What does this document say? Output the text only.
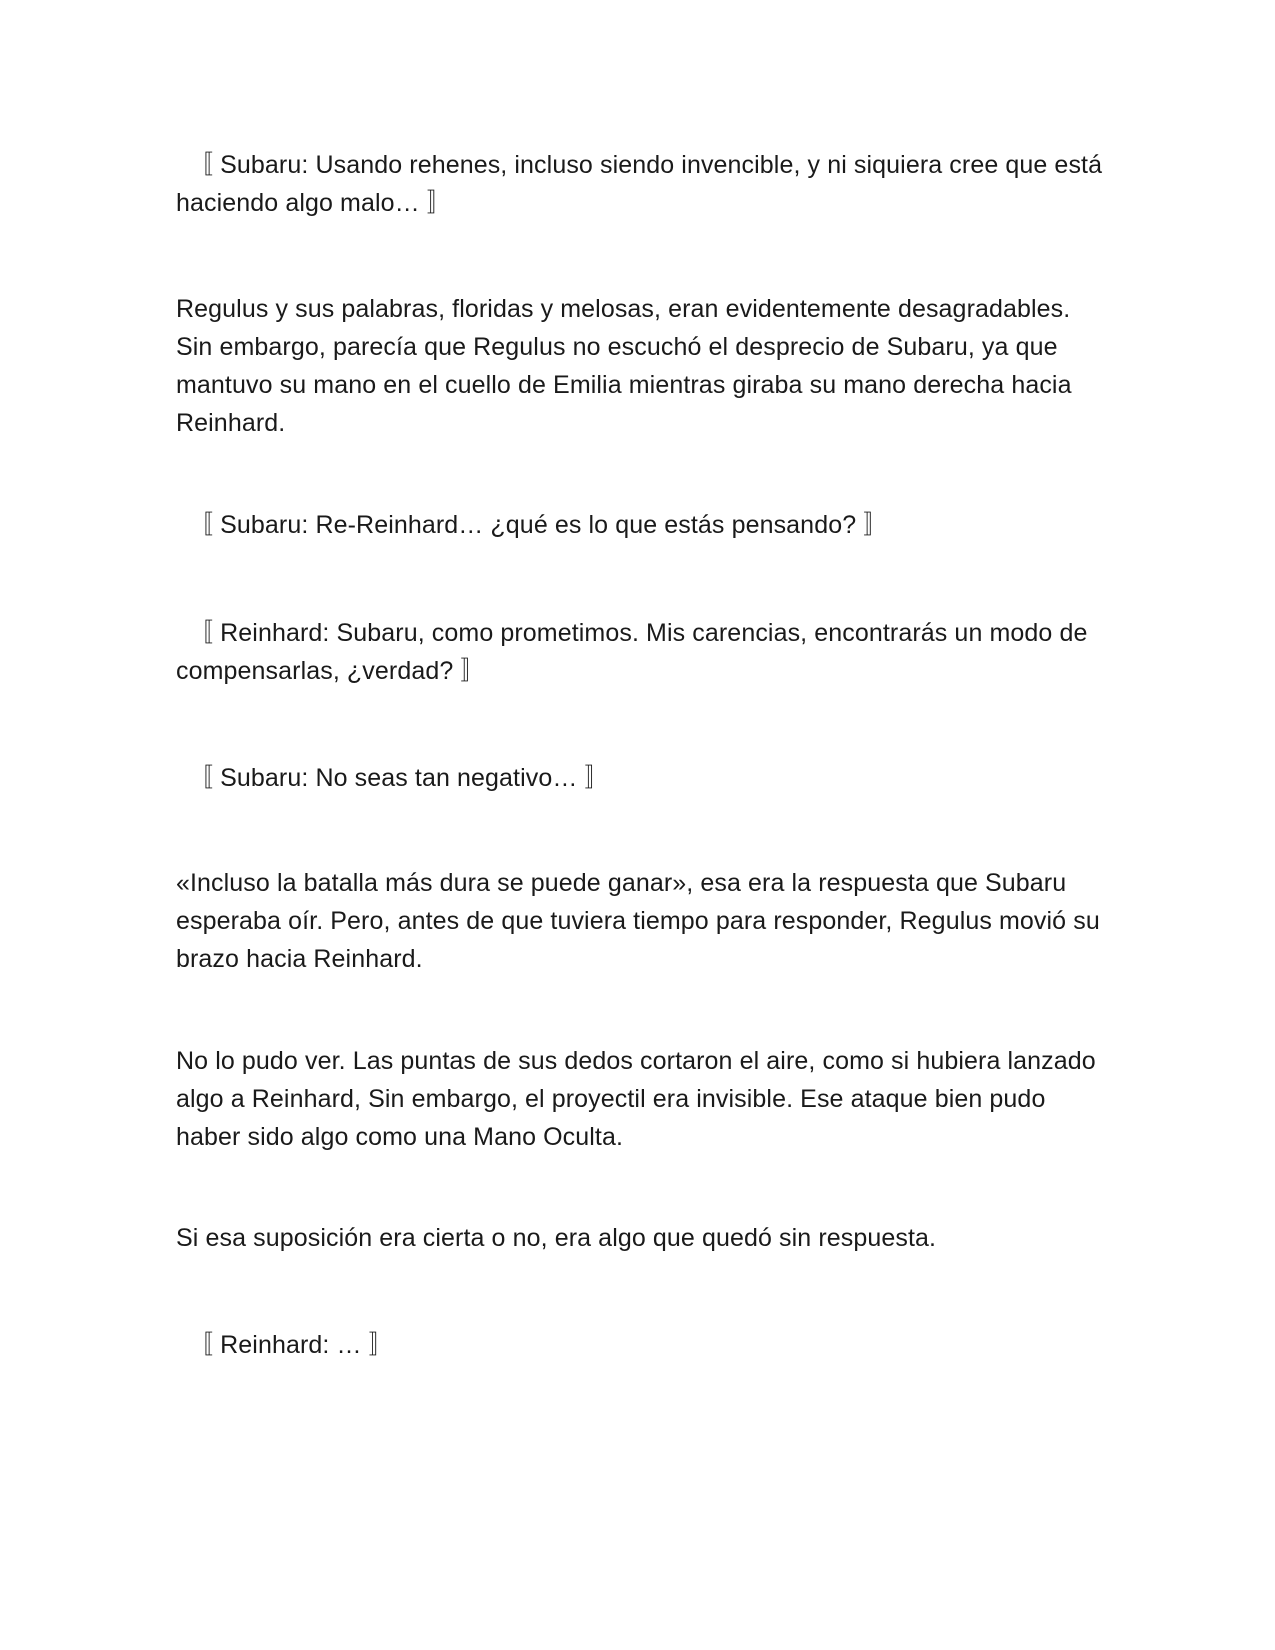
〚 Subaru: Usando rehenes, incluso siendo invencible, y ni siquiera cree que está haciendo algo malo… 〛

Regulus y sus palabras, floridas y melosas, eran evidentemente desagradables. Sin embargo, parecía que Regulus no escuchó el desprecio de Subaru, ya que mantuvo su mano en el cuello de Emilia mientras giraba su mano derecha hacia Reinhard.

〚 Subaru: Re-Reinhard… ¿qué es lo que estás pensando? 〛

〚 Reinhard: Subaru, como prometimos. Mis carencias, encontrarás un modo de compensarlas, ¿verdad? 〛

〚 Subaru: No seas tan negativo… 〛

«Incluso la batalla más dura se puede ganar», esa era la respuesta que Subaru esperaba oír. Pero, antes de que tuviera tiempo para responder, Regulus movió su brazo hacia Reinhard.

No lo pudo ver. Las puntas de sus dedos cortaron el aire, como si hubiera lanzado algo a Reinhard, Sin embargo, el proyectil era invisible. Ese ataque bien pudo haber sido algo como una Mano Oculta.

Si esa suposición era cierta o no, era algo que quedó sin respuesta.

〚 Reinhard: … 〛
